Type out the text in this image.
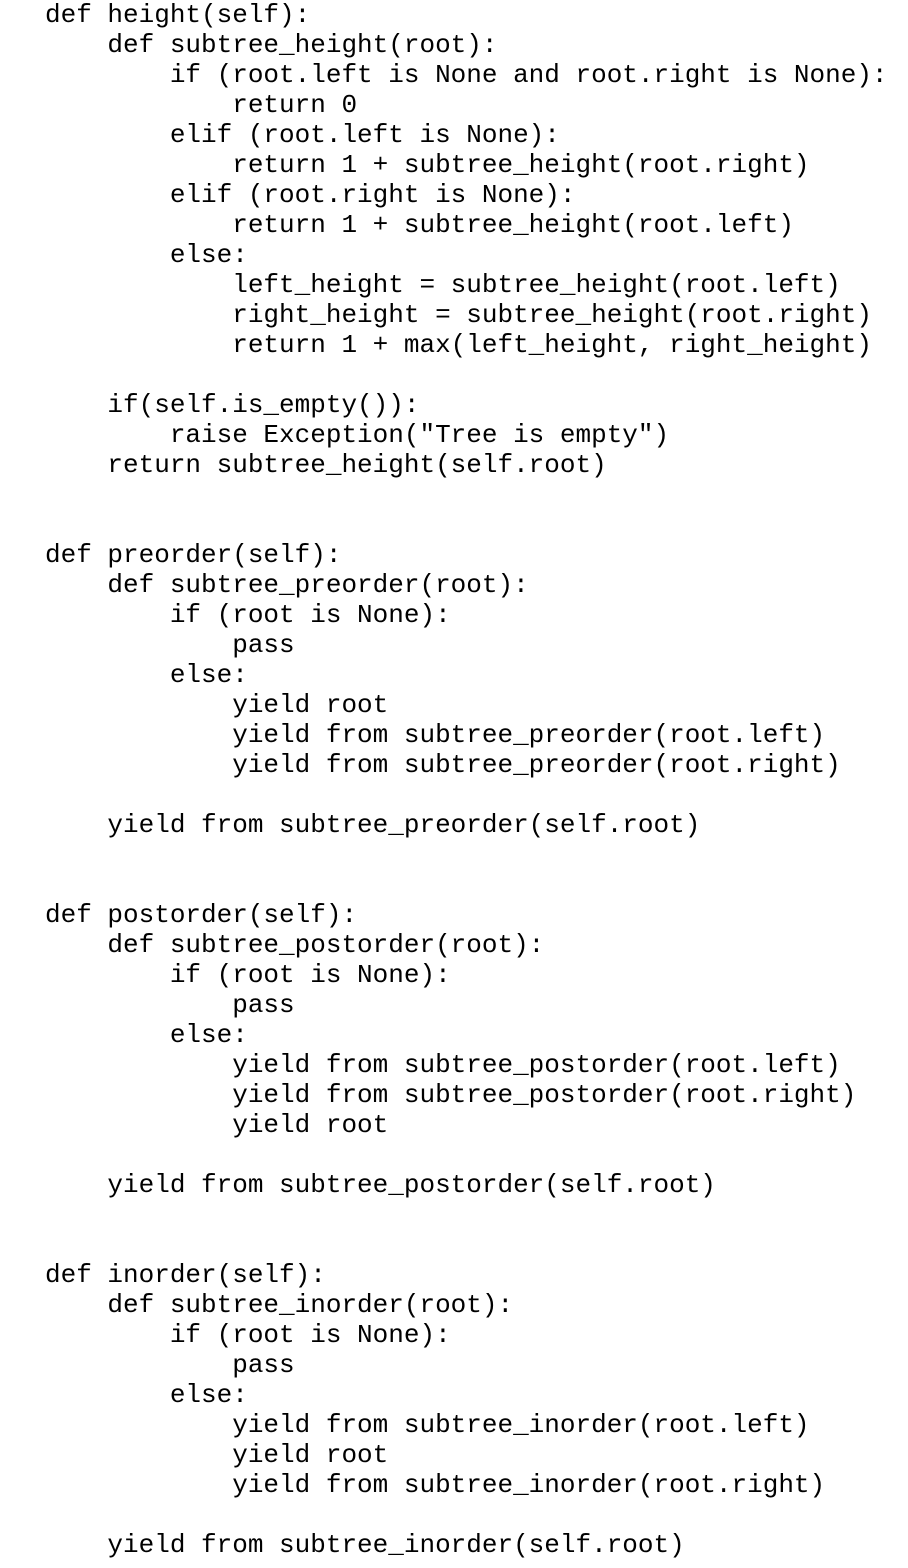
def height(self):
def subtree_height(root):
if (root.left is None and root.right is None):
return 0
elif (root.left is None):
return 1 + subtree_height(root.right)
elif (root.right is None):
return 1 + subtree_height(root.left)
else:
left_height = subtree_height(root.left)
right_height = subtree_height(root.right)
return 1 + max(left_height, right_height)
if(self.is_empty()):
raise Exception("Tree is empty")
return subtree_height(self.root)
def preorder(self):
def subtree_preorder(root):
if (root is None):
pass
else:
yield root
yield from subtree_preorder(root.left)
yield from subtree_preorder(root.right)
yield from subtree_preorder(self.root)
def postorder(self):
def subtree_postorder(root):
if (root is None):
pass
else:
yield from subtree_postorder(root.left)
yield from subtree_postorder(root.right)
yield root
yield from subtree_postorder(self.root)
def inorder(self):
def subtree_inorder(root):
if (root is None):
pass
else:
yield from subtree_inorder(root.left)
yield root
yield from subtree_inorder(root.right)
yield from subtree_inorder(self.root)
